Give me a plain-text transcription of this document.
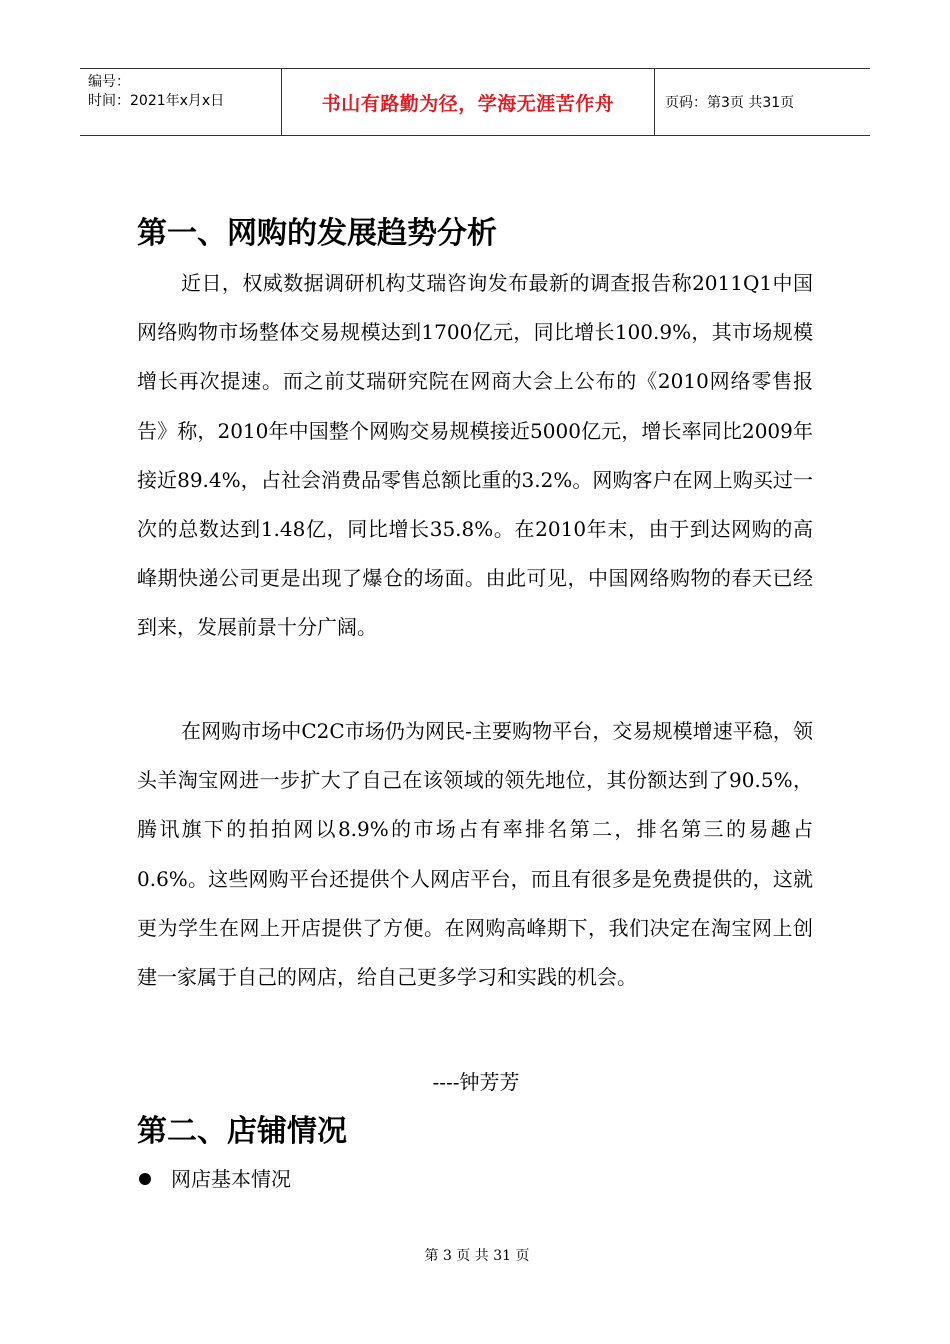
编号：
时间：2021年x月x日	书山有路勤为径，学海无涯苦作舟	页码：第3页 共31页
第一、网购的发展趋势分析

近日，权威数据调研机构艾瑞咨询发布最新的调查报告称2011Q1中国网络购物市场整体交易规模达到1700亿元，同比增长100.9%，其市场规模增长再次提速。而之前艾瑞研究院在网商大会上公布的《2010网络零售报告》称，2010年中国整个网购交易规模接近5000亿元，增长率同比2009年接近89.4%，占社会消费品零售总额比重的3.2%。网购客户在网上购买过一次的总数达到1.48亿，同比增长35.8%。在2010年末，由于到达网购的高峰期快递公司更是出现了爆仓的场面。由此可见，中国网络购物的春天已经到来，发展前景十分广阔。

在网购市场中C2C市场仍为网民-主要购物平台，交易规模增速平稳，领头羊淘宝网进一步扩大了自己在该领域的领先地位，其份额达到了90.5%，腾讯旗下的拍拍网以8.9%的市场占有率排名第二，排名第三的易趣占0.6%。这些网购平台还提供个人网店平台，而且有很多是免费提供的，这就更为学生在网上开店提供了方便。在网购高峰期下，我们决定在淘宝网上创建一家属于自己的网店，给自己更多学习和实践的机会。

----钟芳芳
第二、店铺情况
网店基本情况
第 3 页 共 31 页
